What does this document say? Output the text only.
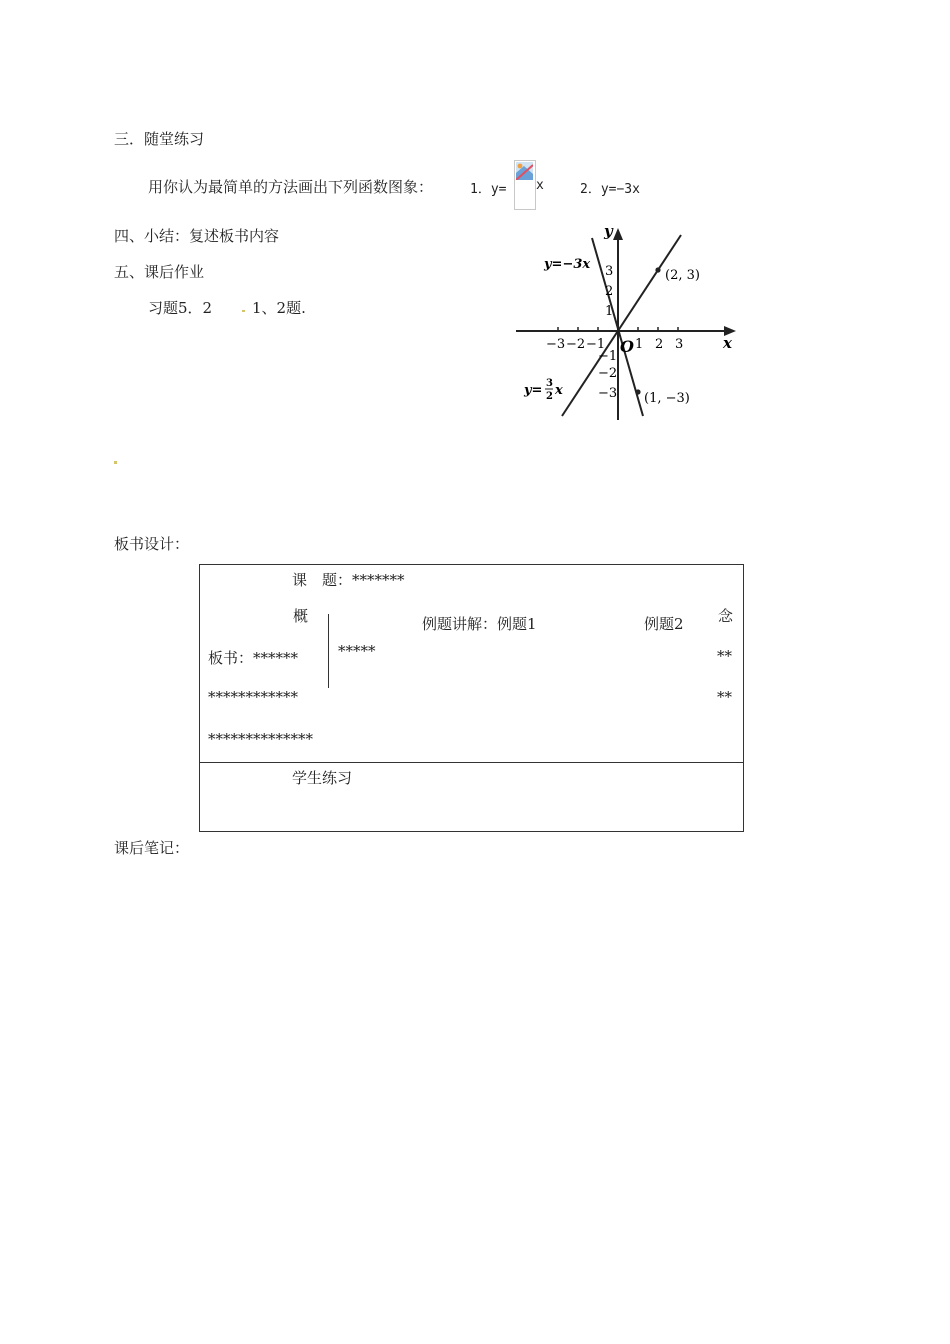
三．随堂练习
用你认为最简单的方法画出下列函数图象：	1．y= x	2．y=−3x
四、小结：复述板书内容
五、课后作业
习题5．2	1、2题.
y
x
O
−3 −2 −1 1 2 3
3
2
1
−1
−2
−3
y=−3x
y= 3
2 x
(2, 3)
(1, −3)
板书设计：
课　题：*******
概	例题讲解：例题1	例题2 念
*****
板书：******	**
************	**
**************
学生练习
课后笔记：
